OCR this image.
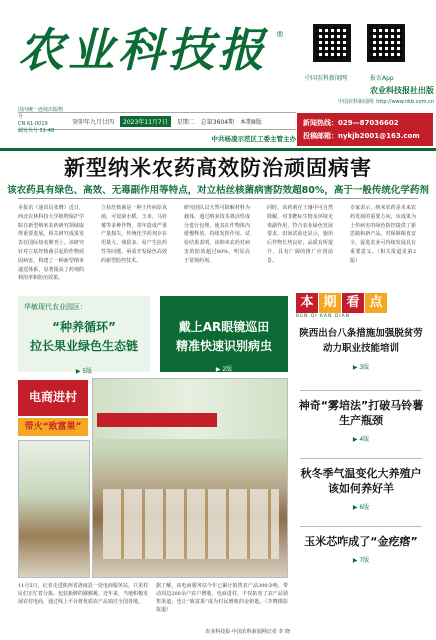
农业科技报 ®
中国农科新闻网	报农App
农业科技报社出版
中国农科新闻网: http://www.nkb.com.cn
国内统一连续出版物号
CN 61-0019
邮发代号 51-48
癸卯年九月廿四	2023年11月7日	星期二 总第3604期 本期8版
中共杨凌示范区工委主管主办
新闻热线：029—87036602
投稿邮箱：nykjb2001@163.com
新型纳米农药高效防治顽固病害
该农药具有绿色、高效、无毒副作用等特点，对立枯丝核菌病害防效超80%，高于一般传统化学药剂
本报讯（通讯员张晓）近日，西北农林科技大学植物保护学院在新型纳米农药研究领域取得重要进展，相关研究成果发表在国际知名期刊上。该研究针对立枯丝核菌引起的作物顽固病害，构建了一种新型纳米递送体系，显著提高了药剂的利用率和防治效果。
立枯丝核菌是一种土传病原真菌，可侵染水稻、玉米、马铃薯等多种作物，常年造成严重产量损失。传统化学药剂存在用量大、残留多、易产生抗药性等问题，亟需开发绿色高效的新型防控技术。
研究团队以天然可降解材料为载体，通过纳米技术将活性成分进行包埋，使其在作物体内缓慢释放、持续发挥作用。试验结果表明，该纳米农药对病害的防效超过80%，明显高于常规药剂。
同时，该药剂在土壤中可自然降解，对非靶标生物及环境无毒副作用，符合农业绿色发展要求。田间试验还显示，施用后作物长势良好，品质有所提升，具有广阔的推广应用前景。
专家表示，纳米农药是未来农药发展的重要方向，该成果为土传病害的绿色防控提供了新思路和新产品，对保障粮食安全、促进农业可持续发展具有重要意义。（相关报道见第2版）
华敏现代农业园区：
“种养循环”
拉长果业绿色生态链
▶ 5版
戴上AR眼镜巡田
精准快速识别病虫
▶ 2版
本 期 看 点
BEN QI KAN DIAN
陕西出台八条措施加强脱贫劳动力职业技能培训
▶ 3版
神奇“雾培法”打破马铃薯生产瓶颈
▶ 4版
秋冬季气温变化大养殖户该如何养好羊
▶ 6版
玉米芯咋成了“金疙瘩”
▶ 7版
电商进村
带火“致富果”
11月5日，记者走进陕西省洛南县一处电商服务站，只见村民们正忙着分拣、包装新鲜的猕猴桃。近年来，当地积极发展农村电商，通过线上平台将优质农产品销往全国各地。
据了解，该电商服务站今年已累计销售农产品300余吨，带动周边200余户农户增收。电商进村，不仅拓宽了农产品销售渠道，也让“致富果”成为村民增收的金钥匙。（李晓摄影报道）
农业科技报·中国农科新闻网记者 李 晓
